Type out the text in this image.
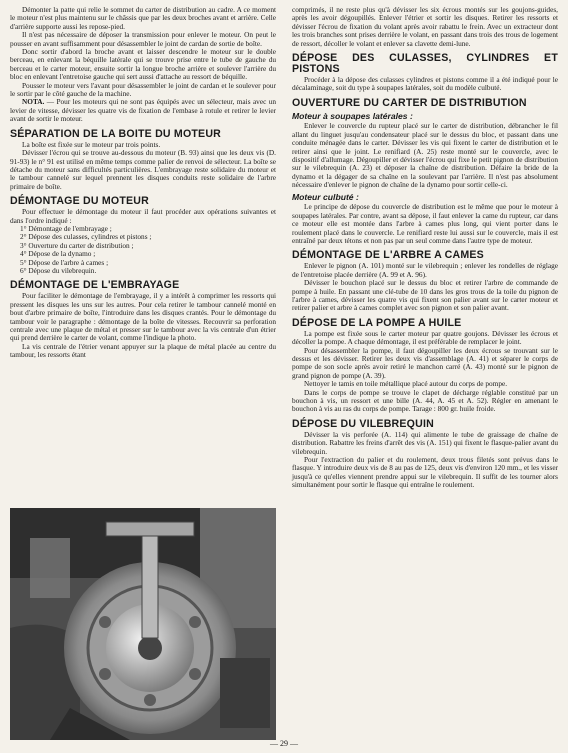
Démonter la patte qui relie le sommet du carter de distribution au cadre. A ce moment le moteur n'est plus maintenu sur le châssis que par les deux broches avant et arrière. Celle d'arrière supporte aussi les repose-pied.

Il n'est pas nécessaire de déposer la transmission pour enlever le moteur. On peut le pousser en avant suffisamment pour désassembler le joint de cardan de sortie de boîte.

Donc sortir d'abord la broche avant et laisser descendre le moteur sur le double berceau, en enlevant la béquille latérale qui se trouve prise entre le tube de gauche du berceau et le carter moteur, ensuite sortir la longue broche arrière et soulever l'arrière du bloc en enlevant l'entretoise gauche qui sert aussi d'attache au ressort de béquille.

Pousser le moteur vers l'avant pour désassembler le joint de cardan et le soulever pour le sortir par le côté gauche de la machine.

NOTA. — Pour les moteurs qui ne sont pas équipés avec un sélecteur, mais avec un levier de vitesse, dévisser les quatre vis de fixation de l'embase à rotule et retirer le levier avant de sortir le moteur.

SÉPARATION DE LA BOITE DU MOTEUR

La boîte est fixée sur le moteur par trois points.

Dévisser l'écrou qui se trouve au-dessous du moteur (B. 93) ainsi que les deux vis (D. 91-93) le n° 91 est utilisé en même temps comme palier de renvoi de sélecteur. La boîte se détache du moteur sans difficultés particulières. L'embrayage reste solidaire du moteur et le tambour cannelé sur lequel prennent les disques conduits reste solidaire de l'arbre primaire de boîte.

DÉMONTAGE DU MOTEUR

Pour effectuer le démontage du moteur il faut procéder aux opérations suivantes et dans l'ordre indiqué :

1° Démontage de l'embrayage ;

2° Dépose des culasses, cylindres et pistons ;

3° Ouverture du carter de distribution ;

4° Dépose de la dynamo ;

5° Dépose de l'arbre à cames ;

6° Dépose du vilebrequin.

DÉMONTAGE DE L'EMBRAYAGE

Pour faciliter le démontage de l'embrayage, il y a intérêt à comprimer les ressorts qui pressent les disques les uns sur les autres. Pour cela retirer le tambour cannelé monté en bout d'arbre primaire de boîte, l'introduire dans les disques crantés. Pour le démontage du tambour voir le paragraphe : démontage de la boîte de vitesses. Recouvrir sa perforation centrale avec une plaque de métal et presser sur le tambour avec la vis centrale d'un étrier qui prend derrière le carter de volant, comme l'indique la photo.

La vis centrale de l'étrier venant appuyer sur la plaque de métal placée au centre du tambour, les ressorts étant

comprimés, il ne reste plus qu'à dévisser les six écrous montés sur les goujons-guides, après les avoir dégoupillés. Enlever l'étrier et sortir les disques. Retirer les ressorts et dévisser l'écrou de fixation du volant après avoir rabattu le frein. Avec un extracteur dont les trois branches sont prises derrière le volant, en passant dans trois des trous de logement de ressort, décoller le volant et enlever sa clavette demi-lune.

DÉPOSE DES CULASSES, CYLINDRES ET PISTONS

Procéder à la dépose des culasses cylindres et pistons comme il a été indiqué pour le décalaminage, soit du type à soupapes latérales, soit du modèle culbuté.

OUVERTURE DU CARTER DE DISTRIBUTION
Moteur à soupapes latérales :

Enlever le couvercle du rupteur placé sur le carter de distribution, débrancher le fil allant du linguet jusqu'au condensateur placé sur le dessus du bloc, et passant dans une conduite ménagée dans le carter. Dévisser les vis qui fixent le carter de distribution et le retirer ainsi que le joint. Le renifiard (A. 25) reste monté sur le couvercle, avec le dispositif d'allumage. Dégoupiller et dévisser l'écrou qui fixe le petit pignon de distribution sur le vilebrequin (A. 23) et déposer la chaîne de distribution. Défaire la bride de la dynamo et la dégager de sa chaîne en la soulevant par l'arrière. Il n'est pas absolument nécessaire d'enlever le pignon de chaîne de la dynamo pour sortir celle-ci.

Moteur culbuté :

Le principe de dépose du couvercle de distribution est le même que pour le moteur à soupapes latérales. Par contre, avant sa dépose, il faut enlever la came du rupteur, car dans ce moteur elle est montée dans l'arbre à cames plus long, qui vient porter dans le roulement placé dans le couvercle. Le renifiard reste lui aussi sur le couvercle, mais il est entraîné par deux tétons et non pas par un seul comme dans l'autre type de moteur.

DÉMONTAGE DE L'ARBRE A CAMES

Enlever le pignon (A. 101) monté sur le vilebrequin ; enlever les rondelles de réglage de l'entretoise placée derrière (A. 99 et A. 96).

Dévisser le bouchon placé sur le dessus du bloc et retirer l'arbre de commande de pompe à huile. En passant une clé-tube de 10 dans les gros trous de la toile du pignon de l'arbre à cames, dévisser les quatre vis qui fixent son palier avant sur le carter moteur et retirer palier et arbre à cames complet avec son pignon et son palier avant.

DÉPOSE DE LA POMPE A HUILE

La pompe est fixée sous le carter moteur par quatre goujons. Dévisser les écrous et décoller la pompe. A chaque démontage, il est préférable de remplacer le joint.

Pour désassembler la pompe, il faut dégoupiller les deux écrous se trouvant sur le dessus et les dévisser. Retirer les deux vis d'assemblage (A. 41) et séparer le corps de pompe de son socle après avoir retiré le manchon carré (A. 43) monté sur le pignon de grand pignon de pompe (A. 39).

Nettoyer le tamis en toile métallique placé autour du corps de pompe.

Dans le corps de pompe se trouve le clapet de décharge réglable constitué par un bouchon à vis, un ressort et une bille (A. 44, A. 45 et A. 52). Régler en amenant le bouchon à vis au ras du corps de pompe. Tarage : 800 gr. huile froide.

DÉPOSE DU VILEBREQUIN

Dévisser la vis perforée (A. 114) qui alimente le tube de graissage de chaîne de distribution. Rabattre les freins d'arrêt des vis (A. 151) qui fixent le flasque-palier avant du vilebrequin.

Pour l'extraction du palier et du roulement, deux trous filetés sont prévus dans le flasque. Y introduire deux vis de 8 au pas de 125, deux vis d'environ 120 mm., et les visser jusqu'à ce qu'elles viennent prendre appui sur le vilebrequin. Il suffit de les tourner alors simultanément pour sortir le flasque qui entraîne le roulement.

— 29 —
